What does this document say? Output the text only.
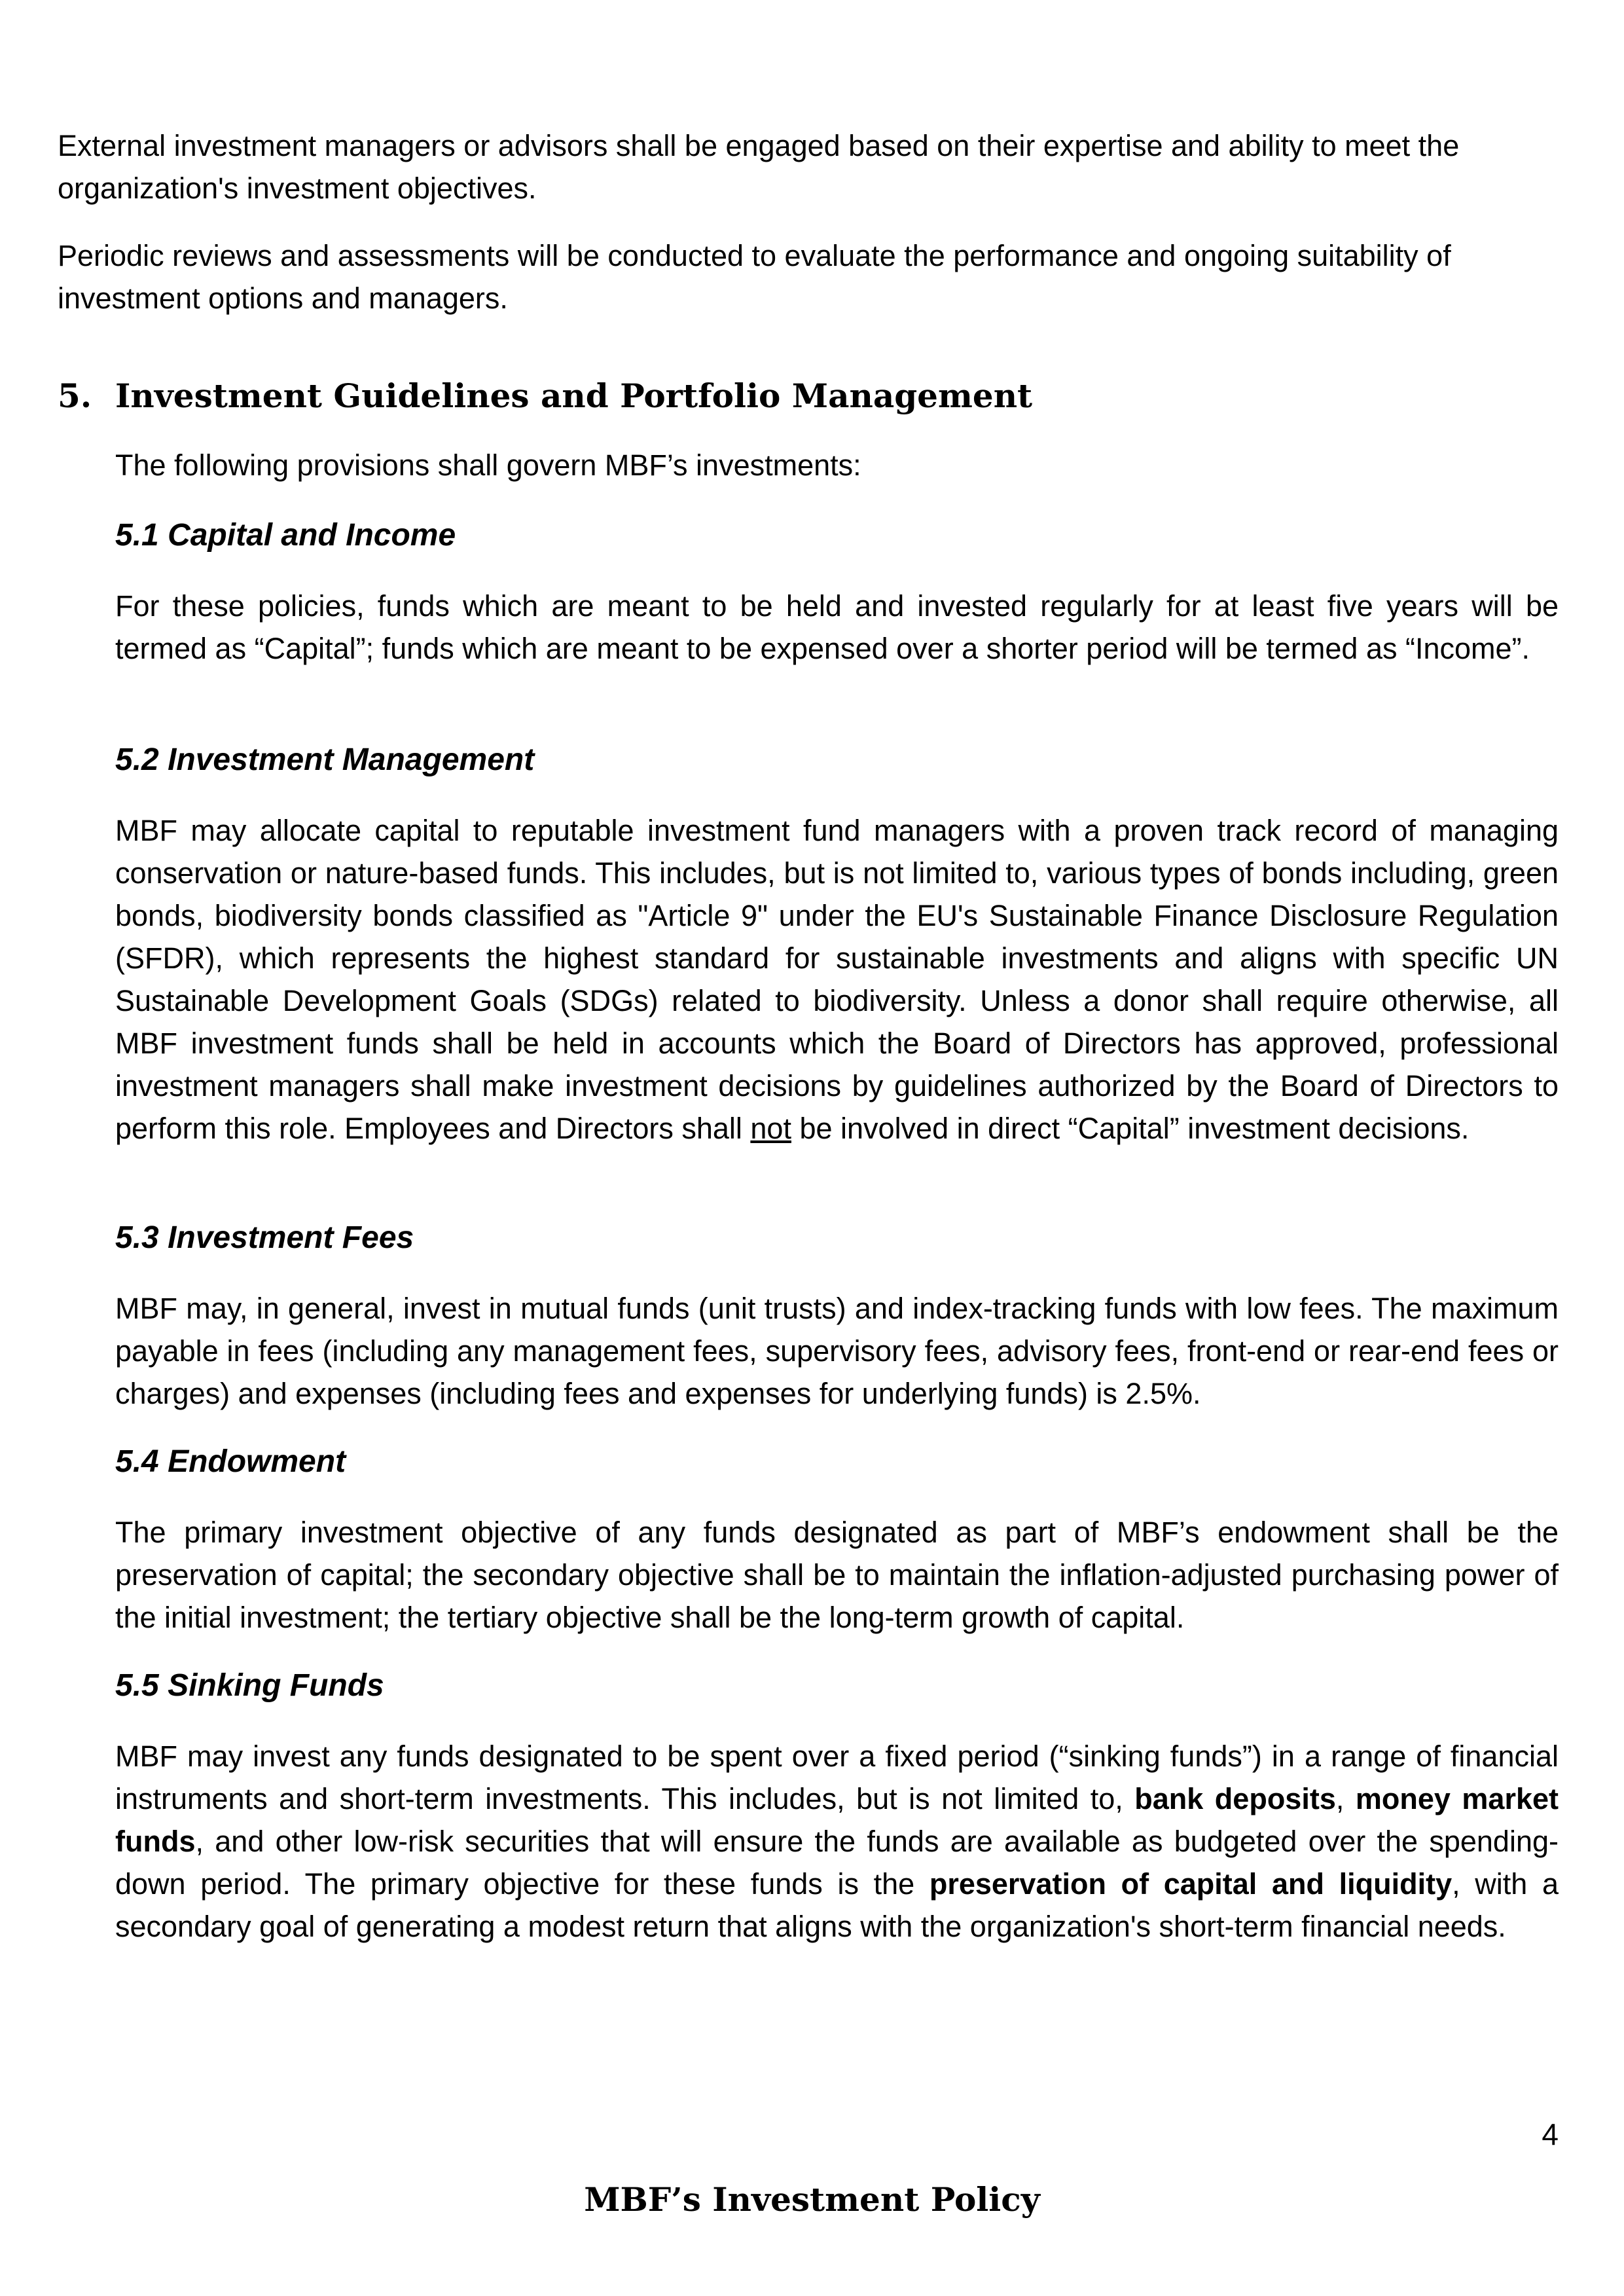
External investment managers or advisors shall be engaged based on their expertise and ability to meet the organization's investment objectives.

Periodic reviews and assessments will be conducted to evaluate the performance and ongoing suitability of investment options and managers.

5. Investment Guidelines and Portfolio Management

The following provisions shall govern MBF’s investments:

5.1 Capital and Income

For these policies, funds which are meant to be held and invested regularly for at least five years will be termed as “Capital”; funds which are meant to be expensed over a shorter period will be termed as “Income”.

5.2 Investment Management

MBF may allocate capital to reputable investment fund managers with a proven track record of managing conservation or nature-based funds. This includes, but is not limited to, various types of bonds including, green bonds, biodiversity bonds classified as "Article 9" under the EU's Sustainable Finance Disclosure Regulation (SFDR), which represents the highest standard for sustainable investments and aligns with specific UN Sustainable Development Goals (SDGs) related to biodiversity. Unless a donor shall require otherwise, all MBF investment funds shall be held in accounts which the Board of Directors has approved, professional investment managers shall make investment decisions by guidelines authorized by the Board of Directors to perform this role. Employees and Directors shall not be involved in direct “Capital” investment decisions.

5.3 Investment Fees

MBF may, in general, invest in mutual funds (unit trusts) and index-tracking funds with low fees. The maximum payable in fees (including any management fees, supervisory fees, advisory fees, front-end or rear-end fees or charges) and expenses (including fees and expenses for underlying funds) is 2.5%.

5.4 Endowment

The primary investment objective of any funds designated as part of MBF’s endowment shall be the preservation of capital; the secondary objective shall be to maintain the inflation-adjusted purchasing power of the initial investment; the tertiary objective shall be the long-term growth of capital.

5.5 Sinking Funds

MBF may invest any funds designated to be spent over a fixed period (“sinking funds”) in a range of financial instruments and short-term investments. This includes, but is not limited to, bank deposits, money market funds, and other low-risk securities that will ensure the funds are available as budgeted over the spending-down period. The primary objective for these funds is the preservation of capital and liquidity, with a secondary goal of generating a modest return that aligns with the organization's short-term financial needs.

4
MBF’s Investment Policy
